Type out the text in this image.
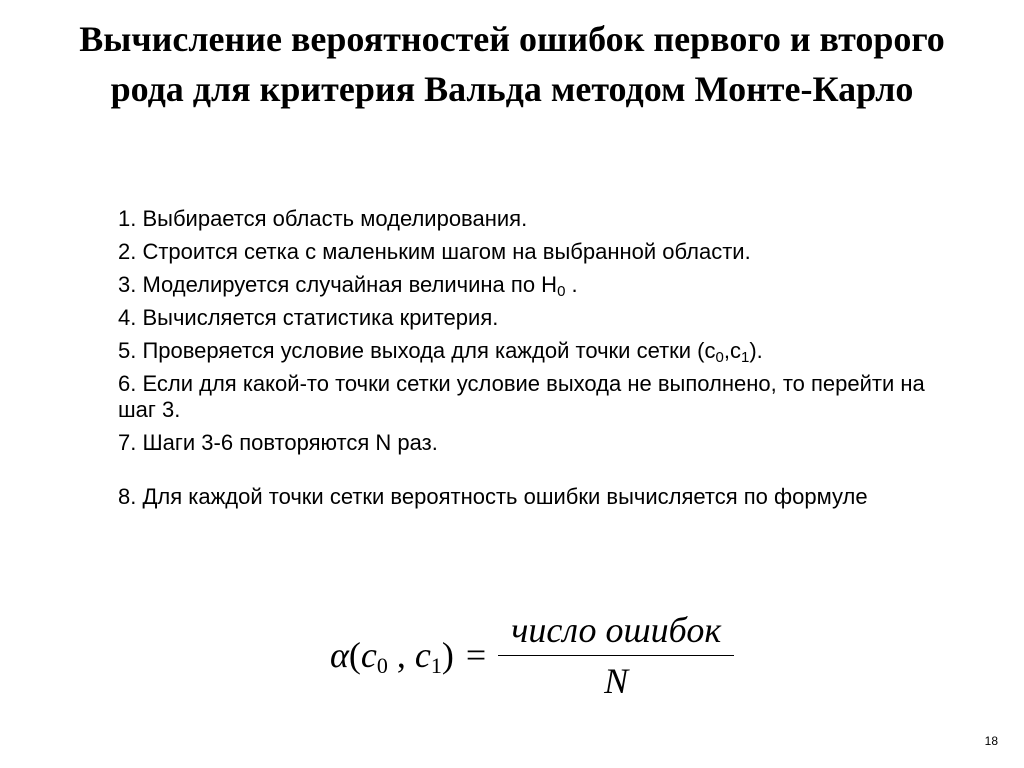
Вычисление вероятностей ошибок первого и второго
рода для критерия Вальда методом Монте-Карло
1. Выбирается область моделирования.
2. Строится сетка с маленьким шагом на выбранной области.
3. Моделируется случайная величина по $H_0$ .
4. Вычисляется статистика критерия.
5. Проверяется условие выхода для каждой точки сетки $(c_0,c_1)$.
6. Если для какой-то точки сетки условие выхода не выполнено, то перейти на шаг 3.
7. Шаги 3-6 повторяются N раз.
8. Для каждой точки сетки вероятность ошибки вычисляется по формуле
$\alpha(c_0$ , $c_1) = \frac{\text{число ошибок}}{N}$
18
